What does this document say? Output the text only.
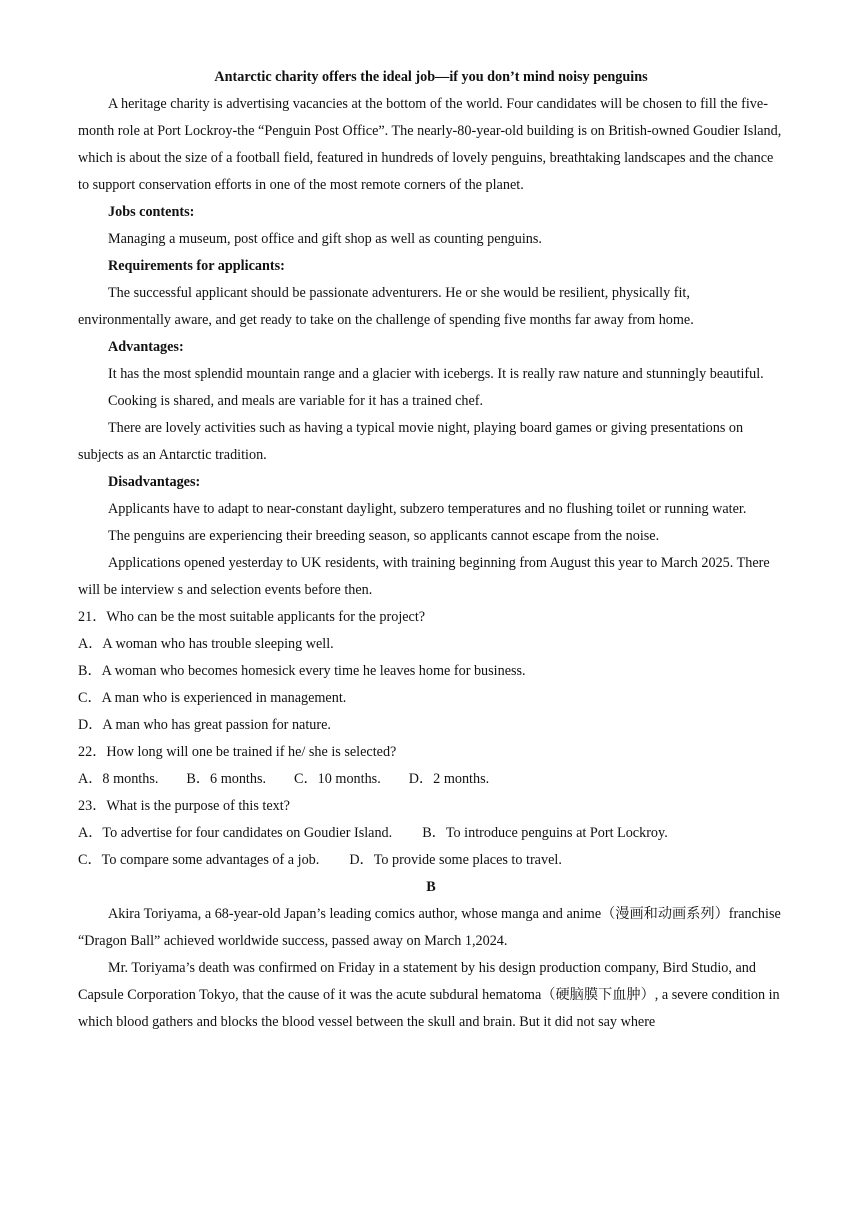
Antarctic charity offers the ideal job—if you don’t mind noisy penguins
A heritage charity is advertising vacancies at the bottom of the world. Four candidates will be chosen to fill the five-month role at Port Lockroy-the “Penguin Post Office”. The nearly-80-year-old building is on British-owned Goudier Island, which is about the size of a football field, featured in hundreds of lovely penguins, breathtaking landscapes and the chance to support conservation efforts in one of the most remote corners of the planet.
Jobs contents:
Managing a museum, post office and gift shop as well as counting penguins.
Requirements for applicants:
The successful applicant should be passionate adventurers. He or she would be resilient, physically fit, environmentally aware, and get ready to take on the challenge of spending five months far away from home.
Advantages:
It has the most splendid mountain range and a glacier with icebergs. It is really raw nature and stunningly beautiful.
Cooking is shared, and meals are variable for it has a trained chef.
There are lovely activities such as having a typical movie night, playing board games or giving presentations on subjects as an Antarctic tradition.
Disadvantages:
Applicants have to adapt to near-constant daylight, subzero temperatures and no flushing toilet or running water.
The penguins are experiencing their breeding season, so applicants cannot escape from the noise.
Applications opened yesterday to UK residents, with training beginning from August this year to March 2025. There will be interview s and selection events before then.
21．Who can be the most suitable applicants for the project?
A．A woman who has trouble sleeping well.
B．A woman who becomes homesick every time he leaves home for business.
C．A man who is experienced in management.
D．A man who has great passion for nature.
22．How long will one be trained if he/ she is selected?
A．8 months. B．6 months. C．10 months. D．2 months.
23．What is the purpose of this text?
A．To advertise for four candidates on Goudier Island. B．To introduce penguins at Port Lockroy.
C．To compare some advantages of a job. D．To provide some places to travel.
B
Akira Toriyama, a 68-year-old Japan’s leading comics author, whose manga and anime（漫画和动画系列）franchise “Dragon Ball” achieved worldwide success, passed away on March 1,2024.
Mr. Toriyama’s death was confirmed on Friday in a statement by his design production company, Bird Studio, and Capsule Corporation Tokyo, that the cause of it was the acute subdural hematoma（硬脑膜下血肿）, a severe condition in which blood gathers and blocks the blood vessel between the skull and brain. But it did not say where
